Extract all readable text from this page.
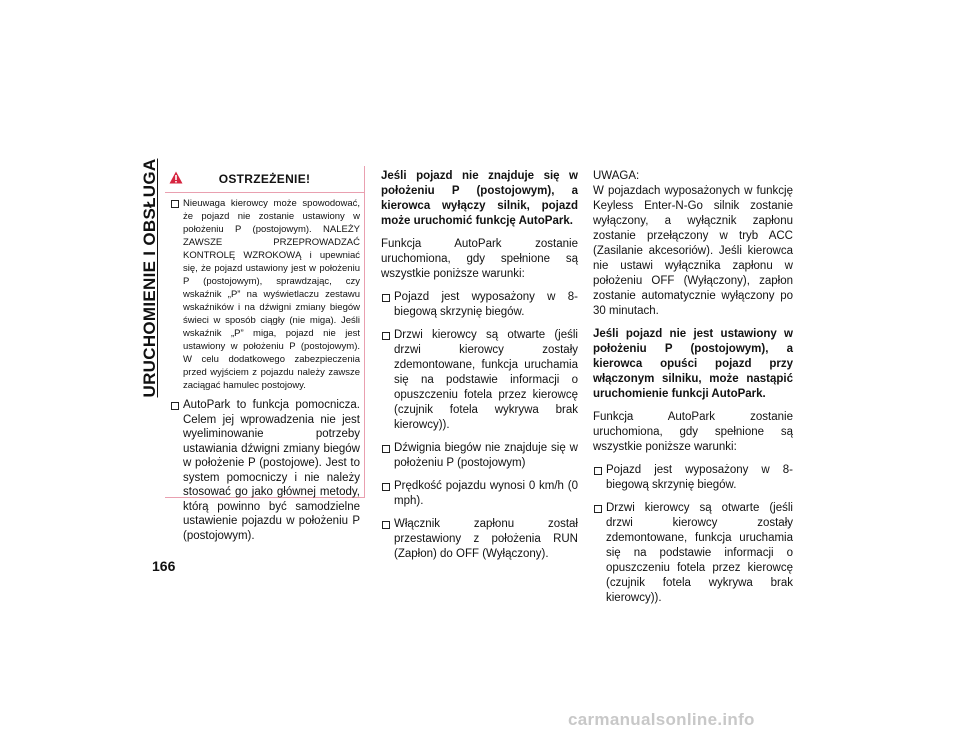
URUCHOMIENIE I OBSŁUGA
166
OSTRZEŻENIE!
Nieuwaga kierowcy może spowodować, że pojazd nie zostanie ustawiony w położeniu P (postojowym). NALEŻY ZAWSZE PRZEPROWADZAĆ KONTROLĘ WZROKOWĄ i upewniać się, że pojazd ustawiony jest w położeniu P (postojowym), sprawdzając, czy wskaźnik „P” na wyświetlaczu zestawu wskaźników i na dźwigni zmiany biegów świeci w sposób ciągły (nie miga). Jeśli wskaźnik „P” miga, pojazd nie jest ustawiony w położeniu P (postojowym). W celu dodatkowego zabezpieczenia przed wyjściem z pojazdu należy zawsze zaciągać hamulec postojowy.
AutoPark to funkcja pomocnicza. Celem jej wprowadzenia nie jest wyeliminowanie potrzeby ustawiania dźwigni zmiany biegów w położenie P (postojowe). Jest to system pomocniczy i nie należy stosować go jako głównej metody, którą powinno być samodzielne ustawienie pojazdu w położeniu P (postojowym).

Jeśli pojazd nie znajduje się w położeniu P (postojowym), a kierowca wyłączy silnik, pojazd może uruchomić funkcję AutoPark.

Funkcja AutoPark zostanie uruchomiona, gdy spełnione są wszystkie poniższe warunki:

Pojazd jest wyposażony w 8-biegową skrzynię biegów.
Drzwi kierowcy są otwarte (jeśli drzwi kierowcy zostały zdemontowane, funkcja uruchamia się na podstawie informacji o opuszczeniu fotela przez kierowcę (czujnik fotela wykrywa brak kierowcy)).
Dźwignia biegów nie znajduje się w położeniu P (postojowym)
Prędkość pojazdu wynosi 0 km/h (0 mph).
Włącznik zapłonu został przestawiony z położenia RUN (Zapłon) do OFF (Wyłączony).

UWAGA:

W pojazdach wyposażonych w funkcję Keyless Enter-N-Go silnik zostanie wyłączony, a wyłącznik zapłonu zostanie przełączony w tryb ACC (Zasilanie akcesoriów). Jeśli kierowca nie ustawi wyłącznika zapłonu w położeniu OFF (Wyłączony), zapłon zostanie automatycznie wyłączony po 30 minutach.

Jeśli pojazd nie jest ustawiony w położeniu P (postojowym), a kierowca opuści pojazd przy włączonym silniku, może nastąpić uruchomienie funkcji AutoPark.

Funkcja AutoPark zostanie uruchomiona, gdy spełnione są wszystkie poniższe warunki:

Pojazd jest wyposażony w 8-biegową skrzynię biegów.
Drzwi kierowcy są otwarte (jeśli drzwi kierowcy zostały zdemontowane, funkcja uruchamia się na podstawie informacji o opuszczeniu fotela przez kierowcę (czujnik fotela wykrywa brak kierowcy)).
carmanualsonline.info
